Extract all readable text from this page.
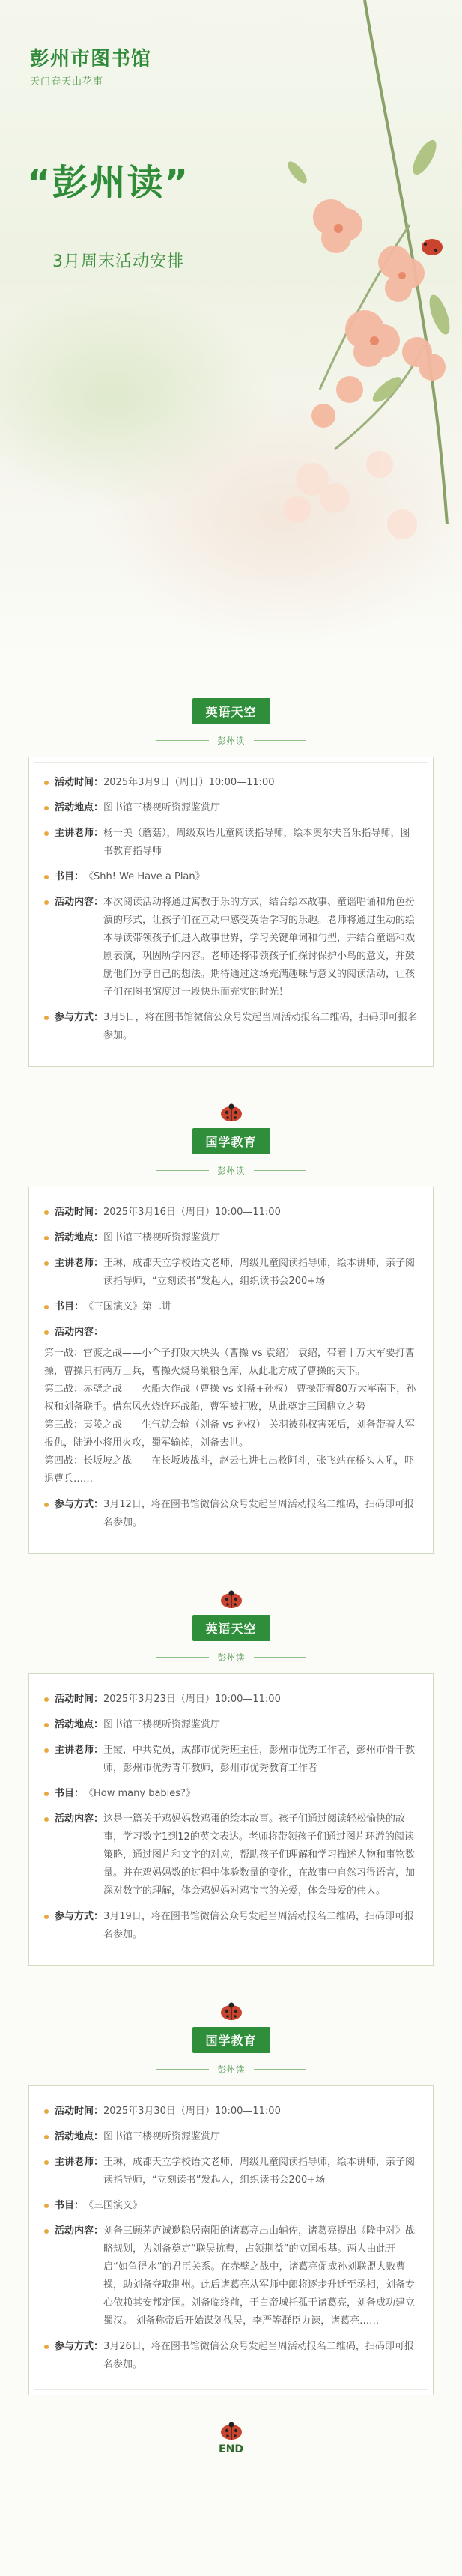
彭州市图书馆
天门春天山花事
“彭州读”
3月周末活动安排
英语天空
彭州读
活动时间： 2025年3月9日（周日）10:00—11:00
活动地点： 图书馆三楼视听资源鉴赏厅
主讲老师： 杨一美（蘑菇），周级双语儿童阅读指导师，绘本奥尔夫音乐指导师，图书教育指导师
书目： 《Shh! We Have a Plan》
活动内容： 本次阅读活动将通过寓教于乐的方式，结合绘本故事、童谣唱诵和角色扮演的形式，让孩子们在互动中感受英语学习的乐趣。老师将通过生动的绘本导读带领孩子们进入故事世界，学习关键单词和句型，并结合童谣和戏剧表演，巩固所学内容。老师还将带领孩子们探讨保护小鸟的意义，并鼓励他们分享自己的想法。期待通过这场充满趣味与意义的阅读活动，让孩子们在图书馆度过一段快乐而充实的时光！
参与方式： 3月5日，将在图书馆微信公众号发起当周活动报名二维码，扫码即可报名参加。
国学教育
彭州读
活动时间： 2025年3月16日（周日）10:00—11:00
活动地点： 图书馆三楼视听资源鉴赏厅
主讲老师： 王琳，成都天立学校语文老师，周级儿童阅读指导师，绘本讲师，亲子阅读指导师，“立刻读书”发起人，组织读书会200+场
书目： 《三国演义》第二讲
活动内容：
第一战：官渡之战——小个子打败大块头（曹操 vs 袁绍） 袁绍，带着十万大军要打曹操，曹操只有两万士兵，曹操火烧乌巢粮仓库，从此北方成了曹操的天下。
第二战：赤壁之战——火船大作战（曹操 vs 刘备+孙权） 曹操带着80万大军南下，孙权和刘备联手。借东风火烧连环战船，曹军被打败，从此奠定三国鼎立之势
第三战：夷陵之战——生气就会输（刘备 vs 孙权） 关羽被孙权害死后，刘备带着大军报仇，陆逊小将用火攻，蜀军输掉，刘备去世。
第四战：长坂坡之战——在长坂坡战斗，赵云七进七出救阿斗，张飞站在桥头大吼，吓退曹兵……
参与方式： 3月12日，将在图书馆微信公众号发起当周活动报名二维码，扫码即可报名参加。
英语天空
彭州读
活动时间： 2025年3月23日（周日）10:00—11:00
活动地点： 图书馆三楼视听资源鉴赏厅
主讲老师： 王霞，中共党员，成都市优秀班主任，彭州市优秀工作者，彭州市骨干教师，彭州市优秀青年教师，彭州市优秀教育工作者
书目： 《How many babies?》
活动内容： 这是一篇关于鸡妈妈数鸡蛋的绘本故事。孩子们通过阅读轻松愉快的故事，学习数字1到12的英文表达。老师将带领孩子们通过图片环游的阅读策略，通过图片和文字的对应，帮助孩子们理解和学习描述人物和事物数量。并在鸡妈妈数的过程中体验数量的变化，在故事中自然习得语言，加深对数字的理解，体会鸡妈妈对鸡宝宝的关爱，体会母爱的伟大。
参与方式： 3月19日，将在图书馆微信公众号发起当周活动报名二维码，扫码即可报名参加。
国学教育
彭州读
活动时间： 2025年3月30日（周日）10:00—11:00
活动地点： 图书馆三楼视听资源鉴赏厅
主讲老师： 王琳，成都天立学校语文老师，周级儿童阅读指导师，绘本讲师，亲子阅读指导师，“立刻读书”发起人，组织读书会200+场
书目： 《三国演义》
活动内容： 刘备三顾茅庐诚邀隐居南阳的诸葛亮出山辅佐，诸葛亮提出《隆中对》战略规划，为刘备奠定“联吴抗曹，占领荆益”的立国根基。两人由此开启“如鱼得水”的君臣关系。在赤壁之战中，诸葛亮促成孙刘联盟大败曹操，助刘备夺取荆州。此后诸葛亮从军师中郎将逐步升迁至丞相，刘备专心依赖其安邦定国。刘备临终前，于白帝城托孤于诸葛亮，刘备成功建立蜀汉。 刘备称帝后开始谋划伐吴，李严等群臣力谏，诸葛亮……
参与方式： 3月26日，将在图书馆微信公众号发起当周活动报名二维码，扫码即可报名参加。
END
